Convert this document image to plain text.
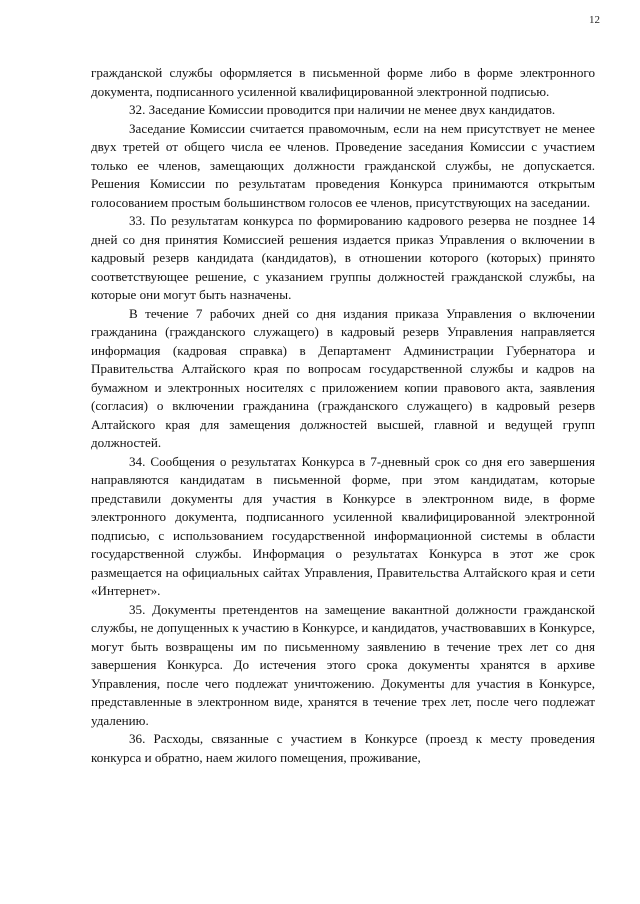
12

гражданской службы оформляется в письменной форме либо в форме электронного документа, подписанного усиленной квалифицированной электронной подписью.

32. Заседание Комиссии проводится при наличии не менее двух кандидатов.

Заседание Комиссии считается правомочным, если на нем присутствует не менее двух третей от общего числа ее членов. Проведение заседания Комиссии с участием только ее членов, замещающих должности гражданской службы, не допускается. Решения Комиссии по результатам проведения Конкурса принимаются открытым голосованием простым большинством голосов ее членов, присутствующих на заседании.

33. По результатам конкурса по формированию кадрового резерва не позднее 14 дней со дня принятия Комиссией решения издается приказ Управления о включении в кадровый резерв кандидата (кандидатов), в отношении которого (которых) принято соответствующее решение, с указанием группы должностей гражданской службы, на которые они могут быть назначены.

В течение 7 рабочих дней со дня издания приказа Управления о включении гражданина (гражданского служащего) в кадровый резерв Управления направляется информация (кадровая справка) в Департамент Администрации Губернатора и Правительства Алтайского края по вопросам государственной службы и кадров на бумажном и электронных носителях с приложением копии правового акта, заявления (согласия) о включении гражданина (гражданского служащего) в кадровый резерв Алтайского края для замещения должностей высшей, главной и ведущей групп должностей.

34. Сообщения о результатах Конкурса в 7-дневный срок со дня его завершения направляются кандидатам в письменной форме, при этом кандидатам, которые представили документы для участия в Конкурсе в электронном виде, в форме электронного документа, подписанного усиленной квалифицированной электронной подписью, с использованием государственной информационной системы в области государственной службы. Информация о результатах Конкурса в этот же срок размещается на официальных сайтах Управления, Правительства Алтайского края и сети «Интернет».

35. Документы претендентов на замещение вакантной должности гражданской службы, не допущенных к участию в Конкурсе, и кандидатов, участвовавших в Конкурсе, могут быть возвращены им по письменному заявлению в течение трех лет со дня завершения Конкурса. До истечения этого срока документы хранятся в архиве Управления, после чего подлежат уничтожению. Документы для участия в Конкурсе, представленные в электронном виде, хранятся в течение трех лет, после чего подлежат удалению.

36. Расходы, связанные с участием в Конкурсе (проезд к месту проведения конкурса и обратно, наем жилого помещения, проживание,
